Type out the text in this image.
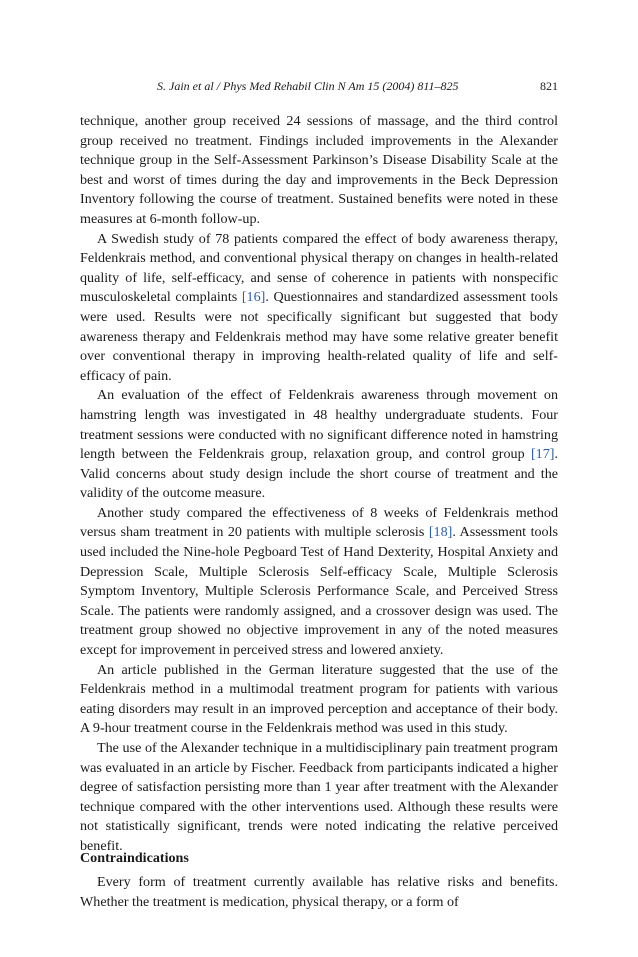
S. Jain et al / Phys Med Rehabil Clin N Am 15 (2004) 811–825	821

technique, another group received 24 sessions of massage, and the third control group received no treatment. Findings included improvements in the Alexander technique group in the Self-Assessment Parkinson’s Disease Disability Scale at the best and worst of times during the day and improvements in the Beck Depression Inventory following the course of treatment. Sustained benefits were noted in these measures at 6-month follow-up.

A Swedish study of 78 patients compared the effect of body awareness therapy, Feldenkrais method, and conventional physical therapy on changes in health-related quality of life, self-efficacy, and sense of coherence in patients with nonspecific musculoskeletal complaints [16]. Questionnaires and standardized assessment tools were used. Results were not specifically significant but suggested that body awareness therapy and Feldenkrais method may have some relative greater benefit over conventional therapy in improving health-related quality of life and self-efficacy of pain.

An evaluation of the effect of Feldenkrais awareness through movement on hamstring length was investigated in 48 healthy undergraduate students. Four treatment sessions were conducted with no significant difference noted in hamstring length between the Feldenkrais group, relaxation group, and control group [17]. Valid concerns about study design include the short course of treatment and the validity of the outcome measure.

Another study compared the effectiveness of 8 weeks of Feldenkrais method versus sham treatment in 20 patients with multiple sclerosis [18]. Assessment tools used included the Nine-hole Pegboard Test of Hand Dexterity, Hospital Anxiety and Depression Scale, Multiple Sclerosis Self-efficacy Scale, Multiple Sclerosis Symptom Inventory, Multiple Sclerosis Performance Scale, and Perceived Stress Scale. The patients were randomly assigned, and a crossover design was used. The treatment group showed no objective improvement in any of the noted measures except for improvement in perceived stress and lowered anxiety.

An article published in the German literature suggested that the use of the Feldenkrais method in a multimodal treatment program for patients with various eating disorders may result in an improved perception and acceptance of their body. A 9-hour treatment course in the Feldenkrais method was used in this study.

The use of the Alexander technique in a multidisciplinary pain treatment program was evaluated in an article by Fischer. Feedback from participants indicated a higher degree of satisfaction persisting more than 1 year after treatment with the Alexander technique compared with the other interventions used. Although these results were not statistically significant, trends were noted indicating the relative perceived benefit.

Contraindications

Every form of treatment currently available has relative risks and benefits. Whether the treatment is medication, physical therapy, or a form of
